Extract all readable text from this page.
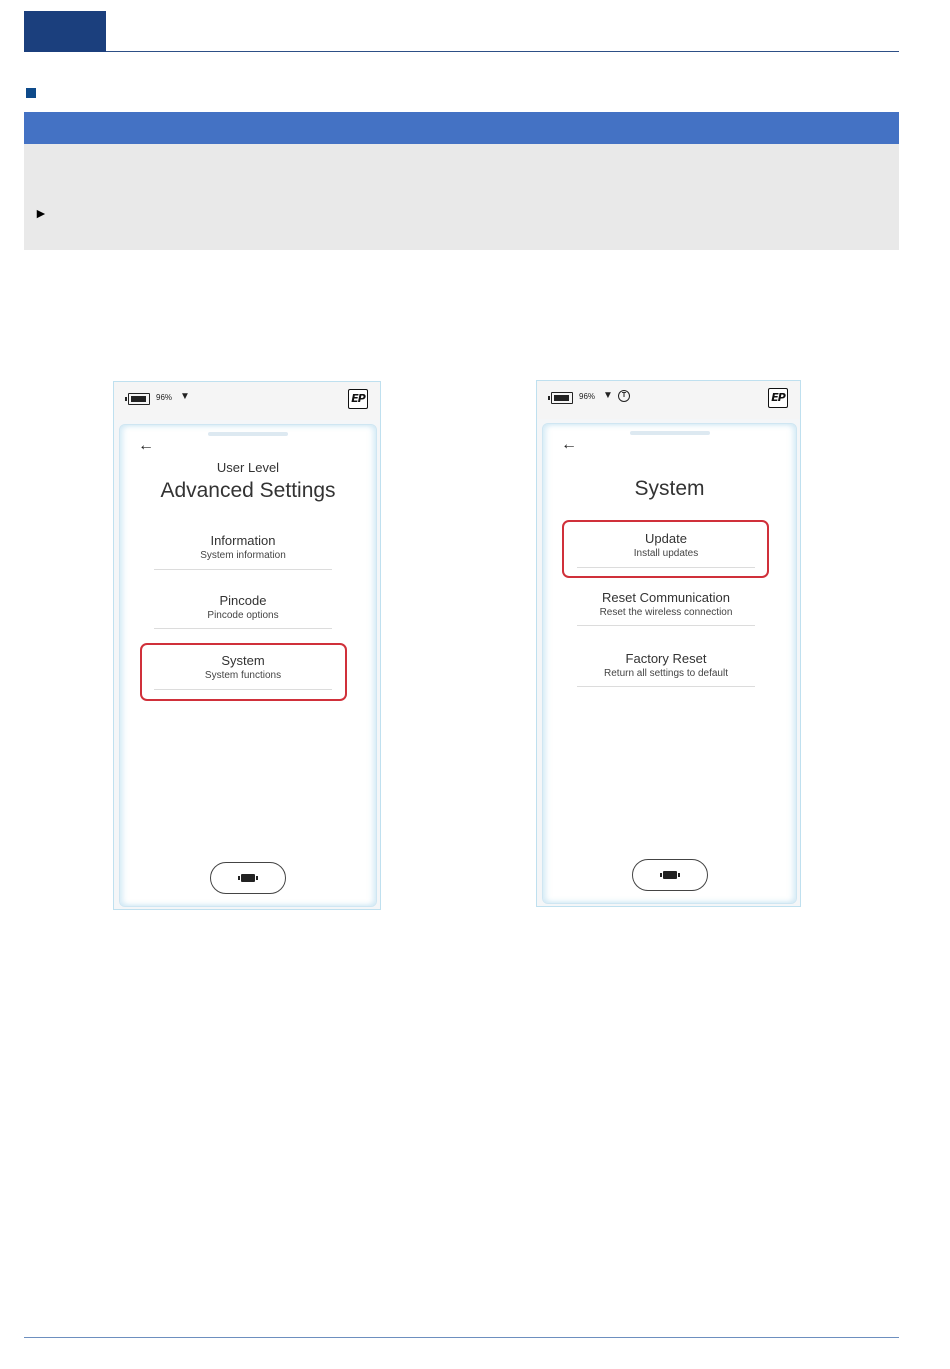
►
96% ▼	EP
←
User Level
Advanced Settings
Information
System information
Pincode
Pincode options
System
System functions
96% ▼	T	EP
←
System
Update
Install updates
Reset Communication
Reset the wireless connection
Factory Reset
Return all settings to default
